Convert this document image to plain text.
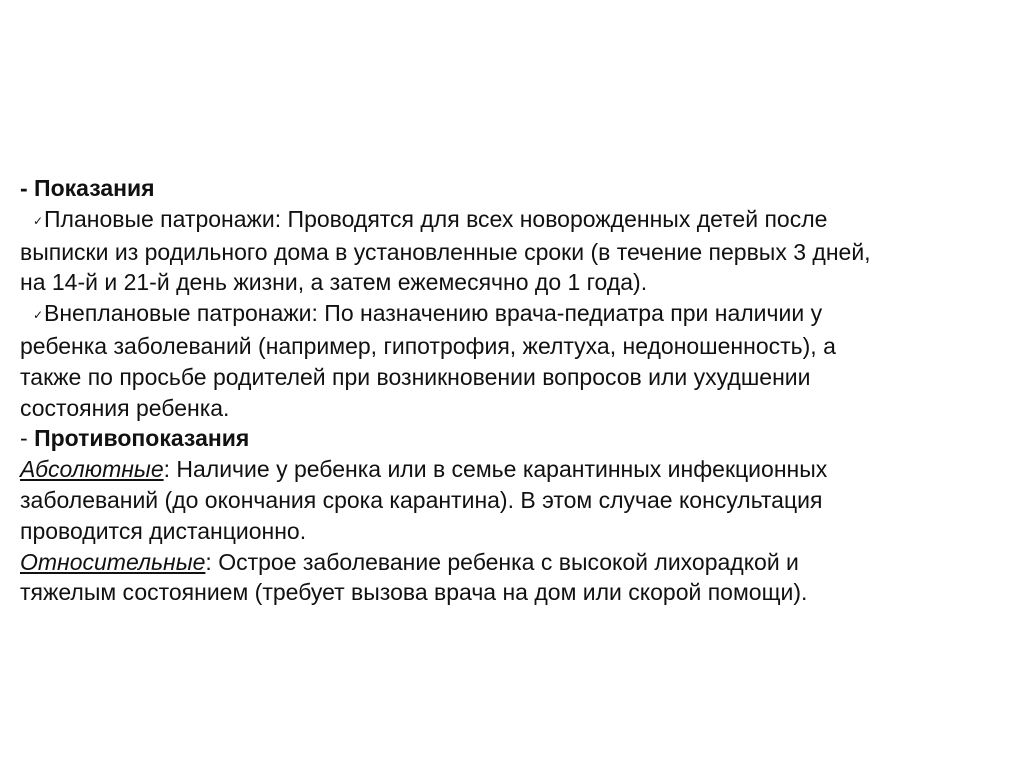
- Показания
✓Плановые патронажи: Проводятся для всех новорожденных детей после
выписки из родильного дома в установленные сроки (в течение первых 3 дней,
на 14-й и 21-й день жизни, а затем ежемесячно до 1 года).
✓Внеплановые патронажи: По назначению врача-педиатра при наличии у
ребенка заболеваний (например, гипотрофия, желтуха, недоношенность), а
также по просьбе родителей при возникновении вопросов или ухудшении
состояния ребенка.
- Противопоказания
Абсолютные: Наличие у ребенка или в семье карантинных инфекционных
заболеваний (до окончания срока карантина). В этом случае консультация
проводится дистанционно.
Относительные: Острое заболевание ребенка с высокой лихорадкой и
тяжелым состоянием (требует вызова врача на дом или скорой помощи).
